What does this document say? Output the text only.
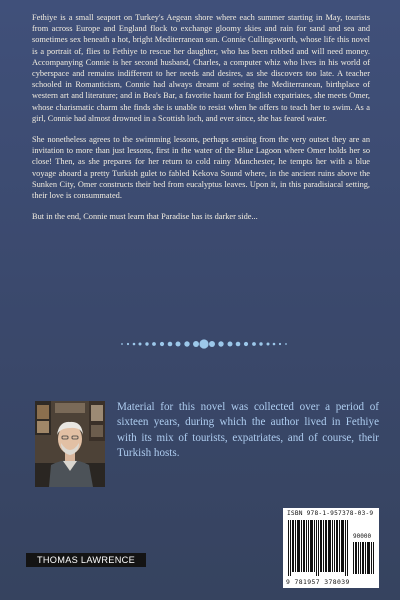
Fethiye is a small seaport on Turkey's Aegean shore where each summer starting in May, tourists from across Europe and England flock to exchange gloomy skies and rain for sand and sea and sometimes sex beneath a hot, bright Mediterranean sun. Connie Cullingsworth, whose life this novel is a portrait of, flies to Fethiye to rescue her daughter, who has been robbed and will need money. Accompanying Connie is her second husband, Charles, a computer whiz who lives in his world of cyberspace and remains indifferent to her needs and desires, as she discovers too late. A teacher schooled in Romanticism, Connie had always dreamt of seeing the Mediterranean, birthplace of western art and literature; and in Bea's Bar, a favorite haunt for English expatriates, she meets Omer, whose charismatic charm she finds she is unable to resist when he offers to teach her to swim. As a girl, Connie had almost drowned in a Scottish loch, and ever since, she has feared water.

She nonetheless agrees to the swimming lessons, perhaps sensing from the very outset they are an invitation to more than just lessons, first in the water of the Blue Lagoon where Omer holds her so close! Then, as she prepares for her return to cold rainy Manchester, he tempts her with a blue voyage aboard a pretty Turkish gulet to fabled Kekova Sound where, in the ancient ruins above the Sunken City, Omer constructs their bed from eucalyptus leaves. Upon it, in this paradisiacal setting, their love is consummated.

But in the end, Connie must learn that Paradise has its darker side...

Material for this novel was collected over a period of sixteen years, during which the author lived in Fethiye with its mix of tourists, expatriates, and of course, their Turkish hosts.
ISBN 978-1-957378-03-9
90000
9 781957 378039
THOMAS LAWRENCE
